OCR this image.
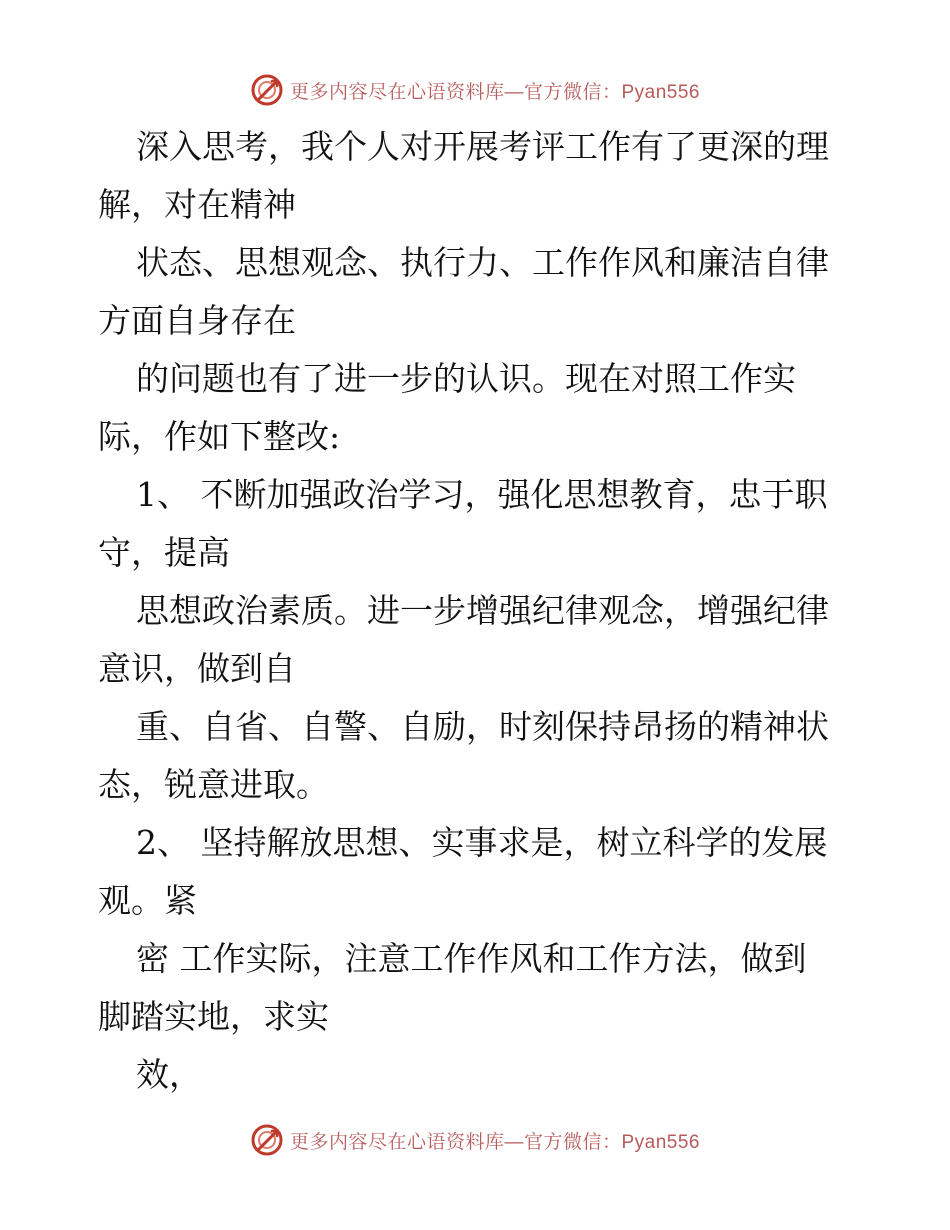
更多内容尽在心语资料库—官方微信：Pyan556
深入思考，我个人对开展考评工作有了更深的理
解，对在精神
状态、思想观念、执行力、工作作风和廉洁自律
方面自身存在
的问题也有了进一步的认识。现在对照工作实
际，作如下整改:
1、 不断加强政治学习，强化思想教育，忠于职
守，提高
思想政治素质。进一步增强纪律观念，增强纪律
意识，做到自
重、自省、自警、自励，时刻保持昂扬的精神状
态，锐意进取。
2、 坚持解放思想、实事求是，树立科学的发展
观。紧
密 工作实际，注意工作作风和工作方法，做到
脚踏实地，求实
效，
更多内容尽在心语资料库—官方微信：Pyan556
